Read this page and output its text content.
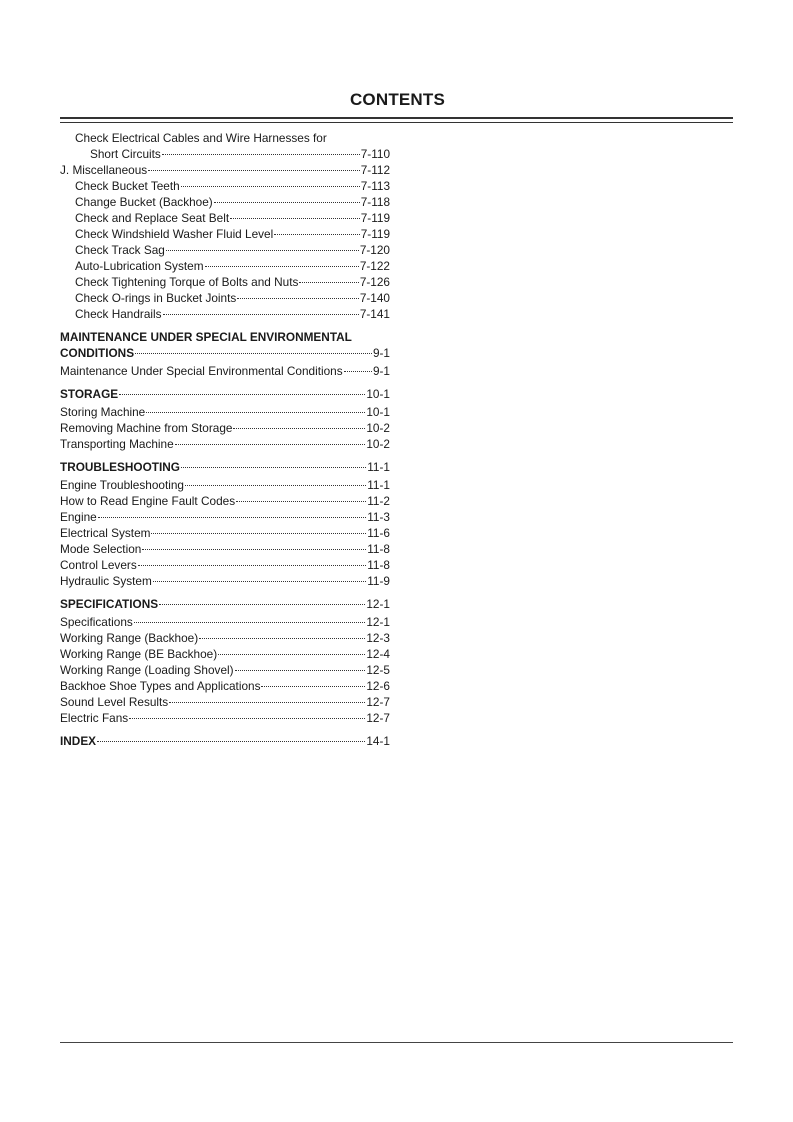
CONTENTS
Check Electrical Cables and Wire Harnesses for
Short Circuits	7-110
J. Miscellaneous	7-112
Check Bucket Teeth	7-113
Change Bucket (Backhoe)	7-118
Check and Replace Seat Belt	7-119
Check Windshield Washer Fluid Level	7-119
Check Track Sag	7-120
Auto-Lubrication System	7-122
Check Tightening Torque of Bolts and Nuts	7-126
Check O-rings in Bucket Joints	7-140
Check Handrails	7-141
MAINTENANCE UNDER SPECIAL ENVIRONMENTAL
CONDITIONS	9-1
Maintenance Under Special Environmental Conditions	9-1
STORAGE	10-1
Storing Machine	10-1
Removing Machine from Storage	10-2
Transporting Machine	10-2
TROUBLESHOOTING	11-1
Engine Troubleshooting	11-1
How to Read Engine Fault Codes	11-2
Engine	11-3
Electrical System	11-6
Mode Selection	11-8
Control Levers	11-8
Hydraulic System	11-9
SPECIFICATIONS	12-1
Specifications	12-1
Working Range (Backhoe)	12-3
Working Range (BE Backhoe)	12-4
Working Range (Loading Shovel)	12-5
Backhoe Shoe Types and Applications	12-6
Sound Level Results	12-7
Electric Fans	12-7
INDEX	14-1
